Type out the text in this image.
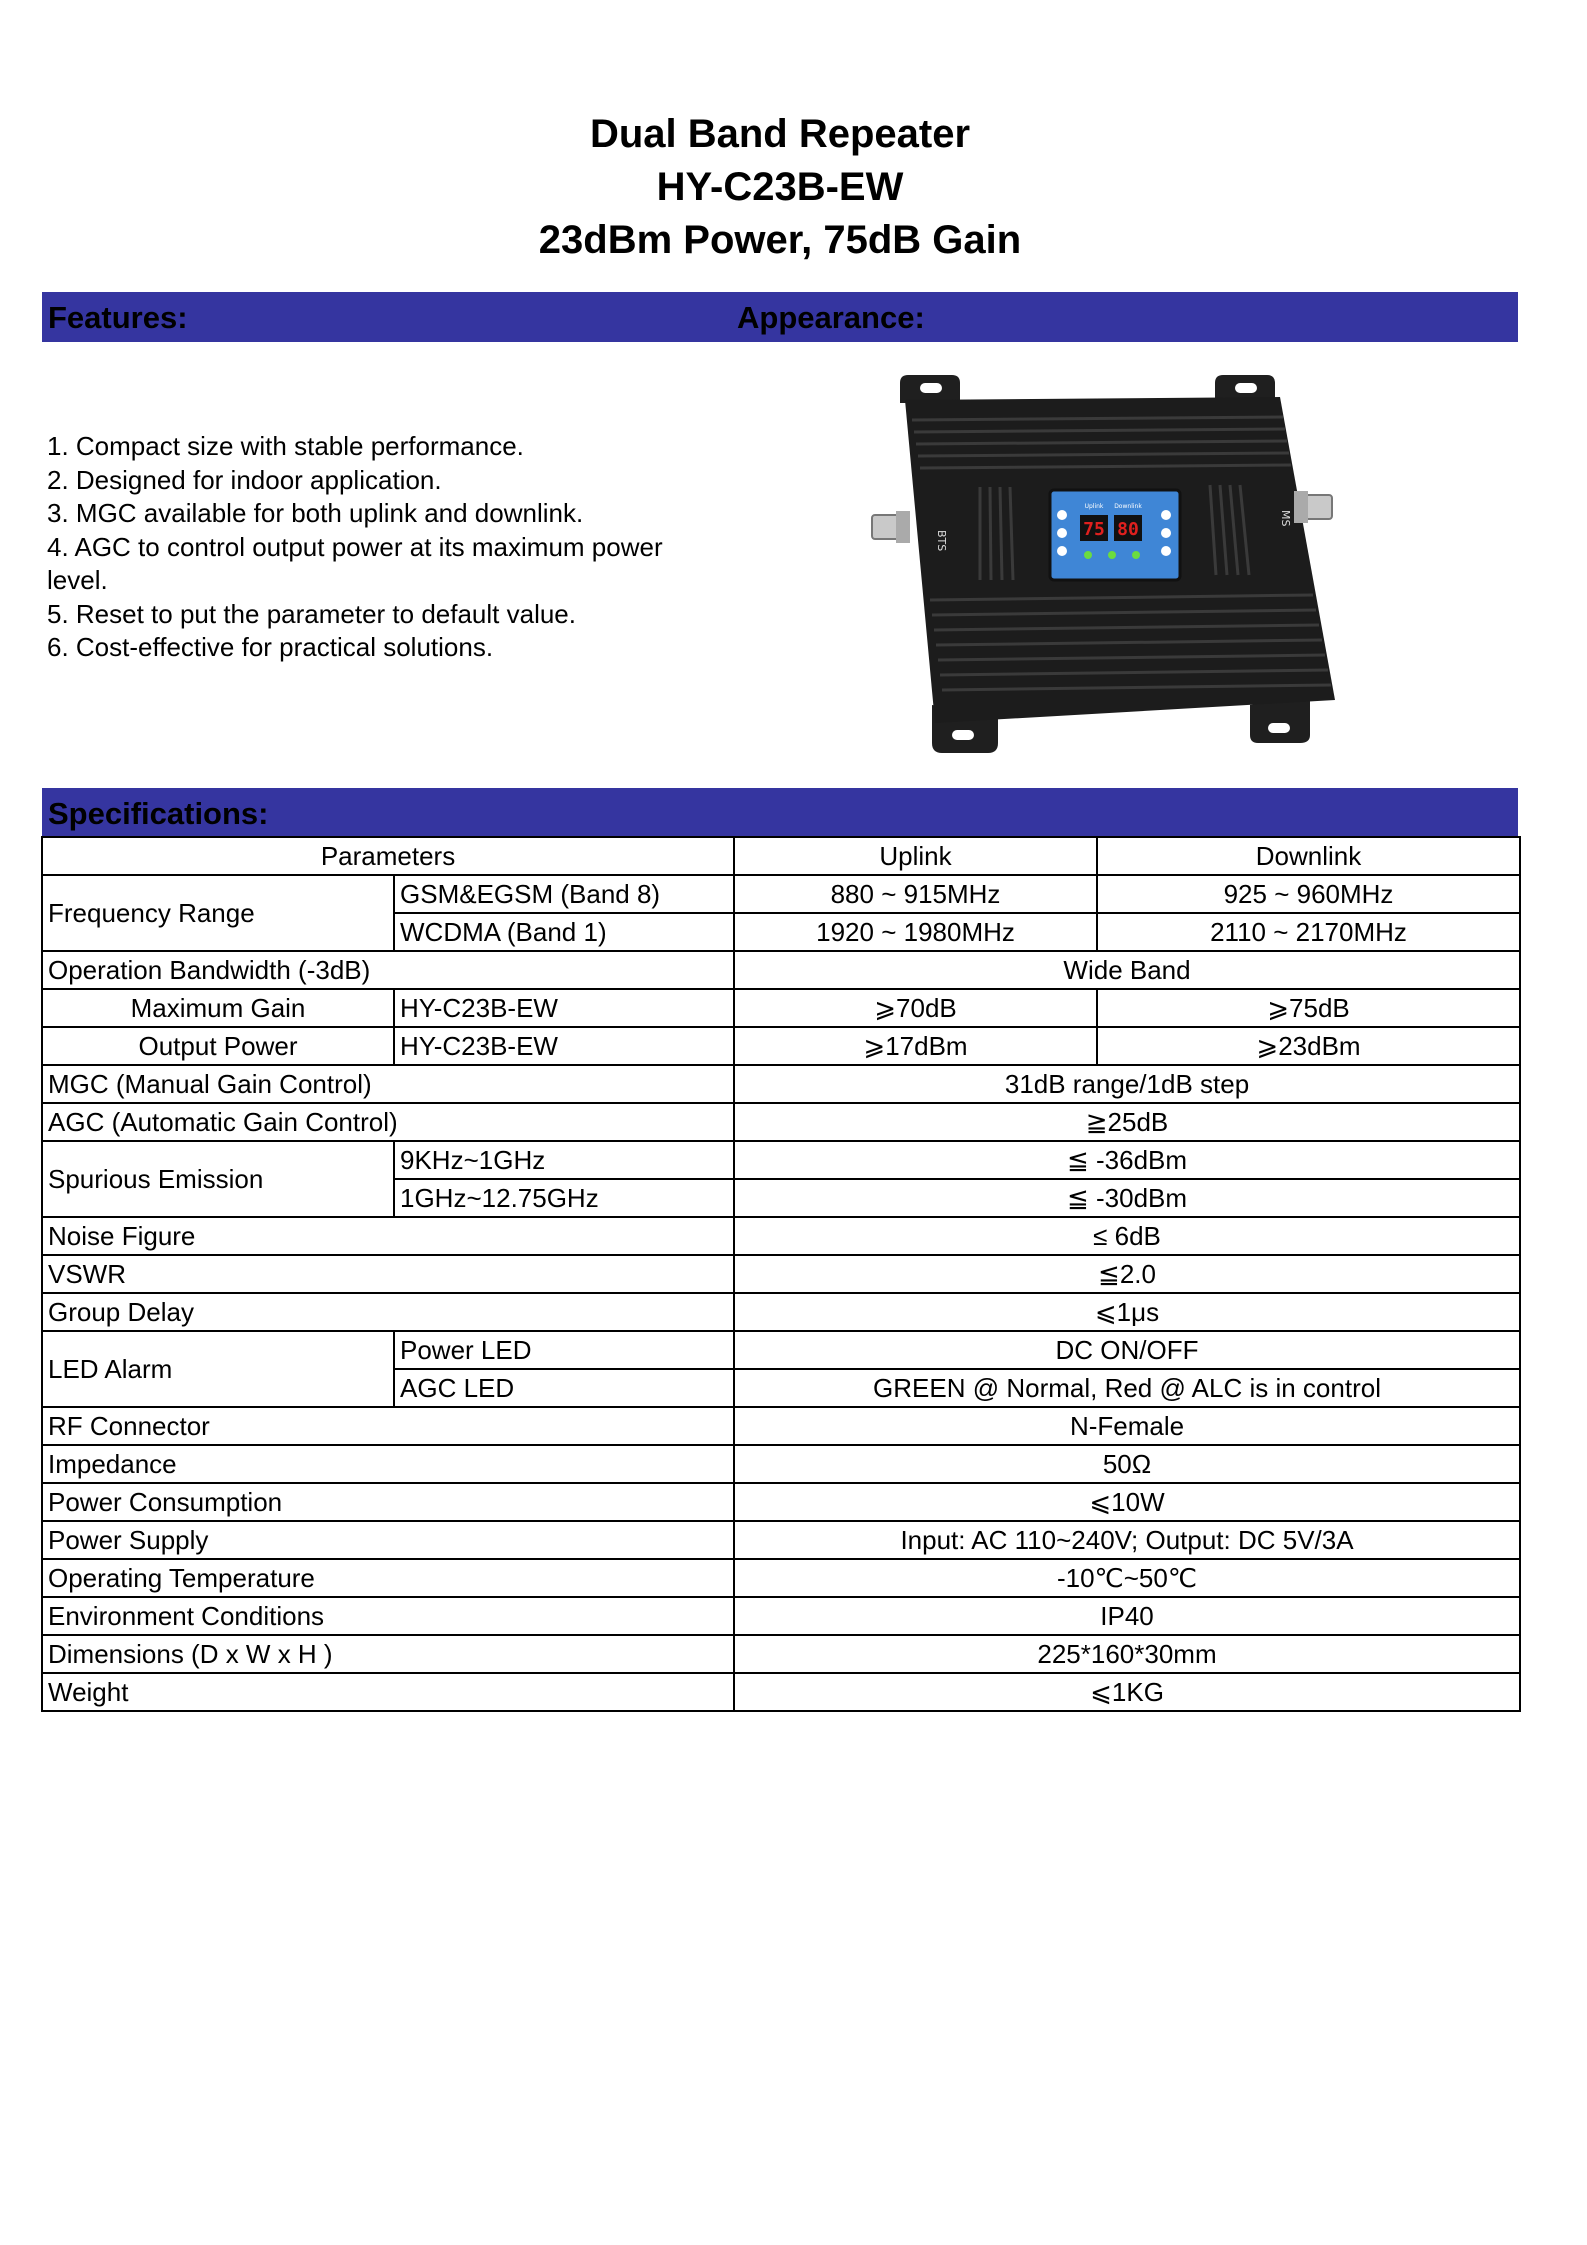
Dual Band Repeater
HY-C23B-EW
23dBm Power, 75dB Gain
Features:	Appearance:
1. Compact size with stable performance.
2. Designed for indoor application.
3. MGC available for both uplink and downlink.
4. AGC to control output power at its maximum power level.
5. Reset to put the parameter to default value.
6. Cost-effective for practical solutions.
75 80
Uplink Downlink
BTS
MS
Specifications:
Parameters		Uplink	Downlink
Frequency Range	GSM&EGSM (Band 8)	880 ~ 915MHz	925 ~ 960MHz
	WCDMA (Band 1)	1920 ~ 1980MHz	2110 ~ 2170MHz
Operation Bandwidth (-3dB)		Wide Band	
Maximum Gain	HY-C23B-EW	⩾70dB	⩾75dB
Output Power	HY-C23B-EW	⩾17dBm	⩾23dBm
MGC (Manual Gain Control)		31dB range/1dB step	
AGC (Automatic Gain Control)		≧25dB	
Spurious Emission	9KHz~1GHz	≦ -36dBm	
	1GHz~12.75GHz	≦ -30dBm	
Noise Figure		≤ 6dB	
VSWR		≦2.0	
Group Delay		⩽1μs	
LED Alarm	Power LED	DC ON/OFF	
	AGC LED	GREEN @ Normal, Red @ ALC is in control	
RF Connector		N-Female	
Impedance		50Ω	
Power Consumption		⩽10W	
Power Supply		Input: AC 110~240V; Output: DC 5V/3A	
Operating Temperature		-10℃~50℃	
Environment Conditions		IP40	
Dimensions (D x W x H )		225*160*30mm	
Weight		⩽1KG	
